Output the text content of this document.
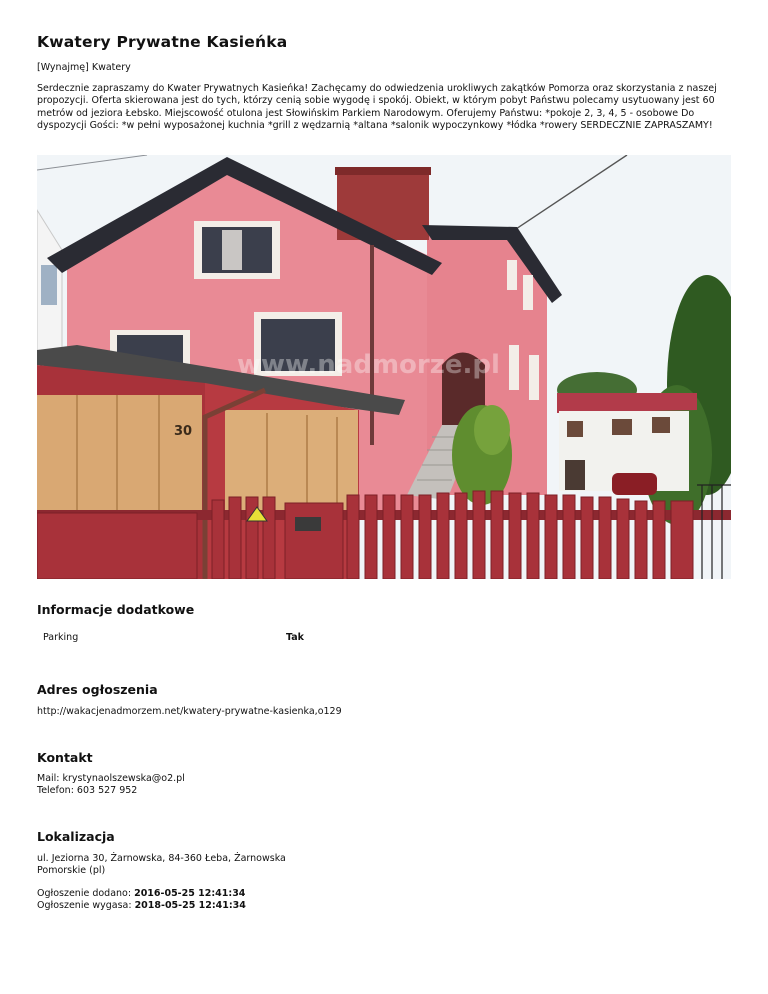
Kwatery Prywatne Kasieńka
[Wynajmę] Kwatery
Serdecznie zapraszamy do Kwater Prywatnych Kasieńka! Zachęcamy do odwiedzenia urokliwych zakątków Pomorza oraz skorzystania z naszej propozycji. Oferta skierowana jest do tych, którzy cenią sobie wygodę i spokój. Obiekt, w którym pobyt Państwu polecamy usytuowany jest 60 metrów od jeziora Łebsko. Miejscowość otulona jest Słowińskim Parkiem Narodowym. Oferujemy Państwu: *pokoje 2, 3, 4, 5 - osobowe Do dyspozycji Gości: *w pełni wyposażonej kuchnia *grill z wędzarnią *altana *salonik wypoczynkowy *łódka *rowery SERDECZNIE ZAPRASZAMY!
30
www.nadmorze.pl
Informacje dodatkowe
Parking	Tak
Adres ogłoszenia
http://wakacjenadmorzem.net/kwatery-prywatne-kasienka,o129
Kontakt
Mail: krystynaolszewska@o2.pl
Telefon: 603 527 952
Lokalizacja
ul. Jeziorna 30, Żarnowska, 84-360 Łeba, Żarnowska
Pomorskie (pl)
Ogłoszenie dodano: 2016-05-25 12:41:34
Ogłoszenie wygasa: 2018-05-25 12:41:34
